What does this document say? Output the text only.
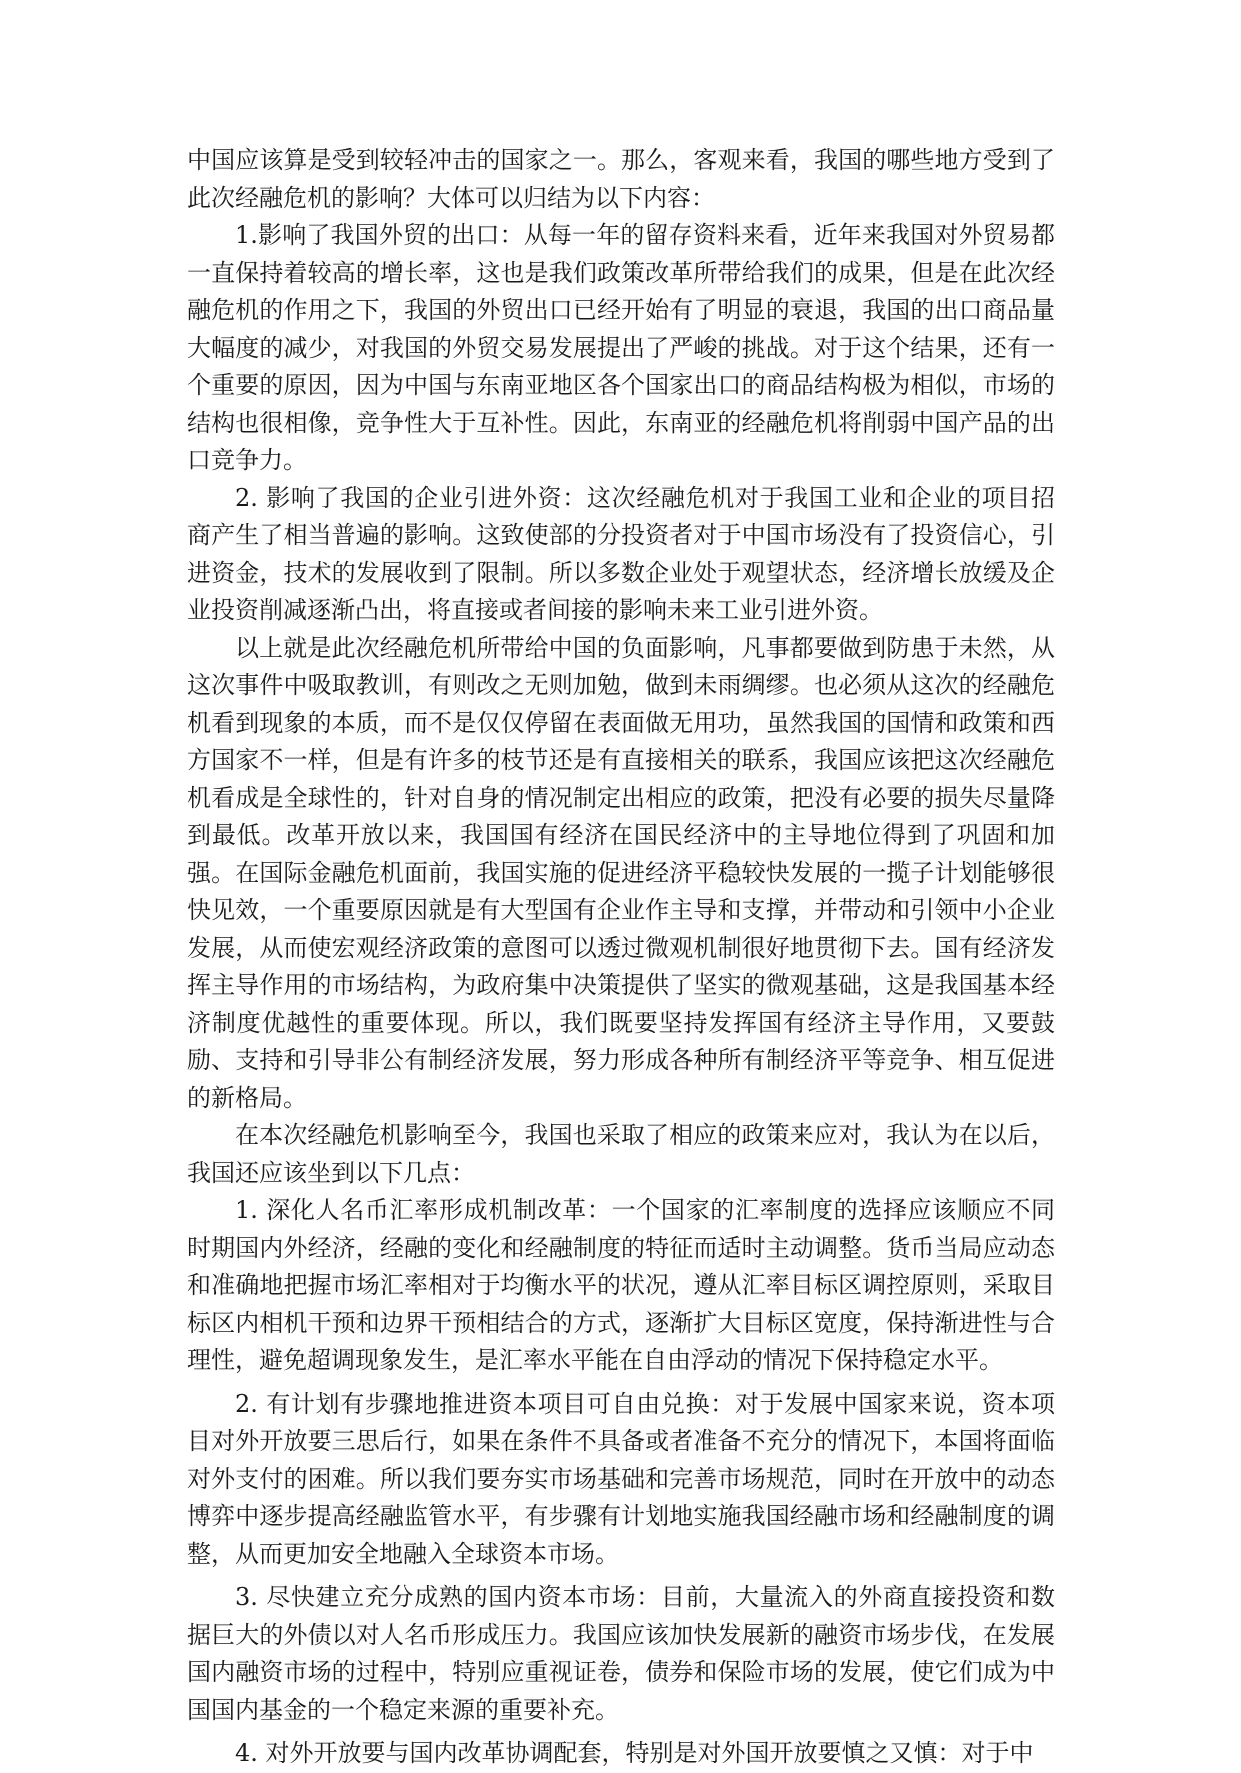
中国应该算是受到较轻冲击的国家之一。那么，客观来看，我国的哪些地方受到了此次经融危机的影响？大体可以归结为以下内容：

1.影响了我国外贸的出口：从每一年的留存资料来看，近年来我国对外贸易都一直保持着较高的增长率，这也是我们政策改革所带给我们的成果，但是在此次经融危机的作用之下，我国的外贸出口已经开始有了明显的衰退，我国的出口商品量大幅度的减少，对我国的外贸交易发展提出了严峻的挑战。对于这个结果，还有一个重要的原因，因为中国与东南亚地区各个国家出口的商品结构极为相似，市场的结构也很相像，竞争性大于互补性。因此，东南亚的经融危机将削弱中国产品的出口竞争力。

2. 影响了我国的企业引进外资：这次经融危机对于我国工业和企业的项目招商产生了相当普遍的影响。这致使部的分投资者对于中国市场没有了投资信心，引进资金，技术的发展收到了限制。所以多数企业处于观望状态，经济增长放缓及企业投资削减逐渐凸出，将直接或者间接的影响未来工业引进外资。

以上就是此次经融危机所带给中国的负面影响，凡事都要做到防患于未然，从这次事件中吸取教训，有则改之无则加勉，做到未雨绸缪。也必须从这次的经融危机看到现象的本质，而不是仅仅停留在表面做无用功，虽然我国的国情和政策和西方国家不一样，但是有许多的枝节还是有直接相关的联系，我国应该把这次经融危机看成是全球性的，针对自身的情况制定出相应的政策，把没有必要的损失尽量降到最低。改革开放以来，我国国有经济在国民经济中的主导地位得到了巩固和加强。在国际金融危机面前，我国实施的促进经济平稳较快发展的一揽子计划能够很快见效，一个重要原因就是有大型国有企业作主导和支撑，并带动和引领中小企业发展，从而使宏观经济政策的意图可以透过微观机制很好地贯彻下去。国有经济发挥主导作用的市场结构，为政府集中决策提供了坚实的微观基础，这是我国基本经济制度优越性的重要体现。所以，我们既要坚持发挥国有经济主导作用，又要鼓励、支持和引导非公有制经济发展，努力形成各种所有制经济平等竞争、相互促进的新格局。

在本次经融危机影响至今，我国也采取了相应的政策来应对，我认为在以后，我国还应该坐到以下几点：

1. 深化人名币汇率形成机制改革：一个国家的汇率制度的选择应该顺应不同时期国内外经济，经融的变化和经融制度的特征而适时主动调整。货币当局应动态和准确地把握市场汇率相对于均衡水平的状况，遵从汇率目标区调控原则，采取目标区内相机干预和边界干预相结合的方式，逐渐扩大目标区宽度，保持渐进性与合理性，避免超调现象发生，是汇率水平能在自由浮动的情况下保持稳定水平。

2. 有计划有步骤地推进资本项目可自由兑换：对于发展中国家来说，资本项目对外开放要三思后行，如果在条件不具备或者准备不充分的情况下，本国将面临对外支付的困难。所以我们要夯实市场基础和完善市场规范，同时在开放中的动态博弈中逐步提高经融监管水平，有步骤有计划地实施我国经融市场和经融制度的调整，从而更加安全地融入全球资本市场。

3. 尽快建立充分成熟的国内资本市场：目前，大量流入的外商直接投资和数据巨大的外债以对人名币形成压力。我国应该加快发展新的融资市场步伐，在发展国内融资市场的过程中，特别应重视证卷，债券和保险市场的发展，使它们成为中国国内基金的一个稳定来源的重要补充。

4. 对外开放要与国内改革协调配套，特别是对外国开放要慎之又慎：对于中
